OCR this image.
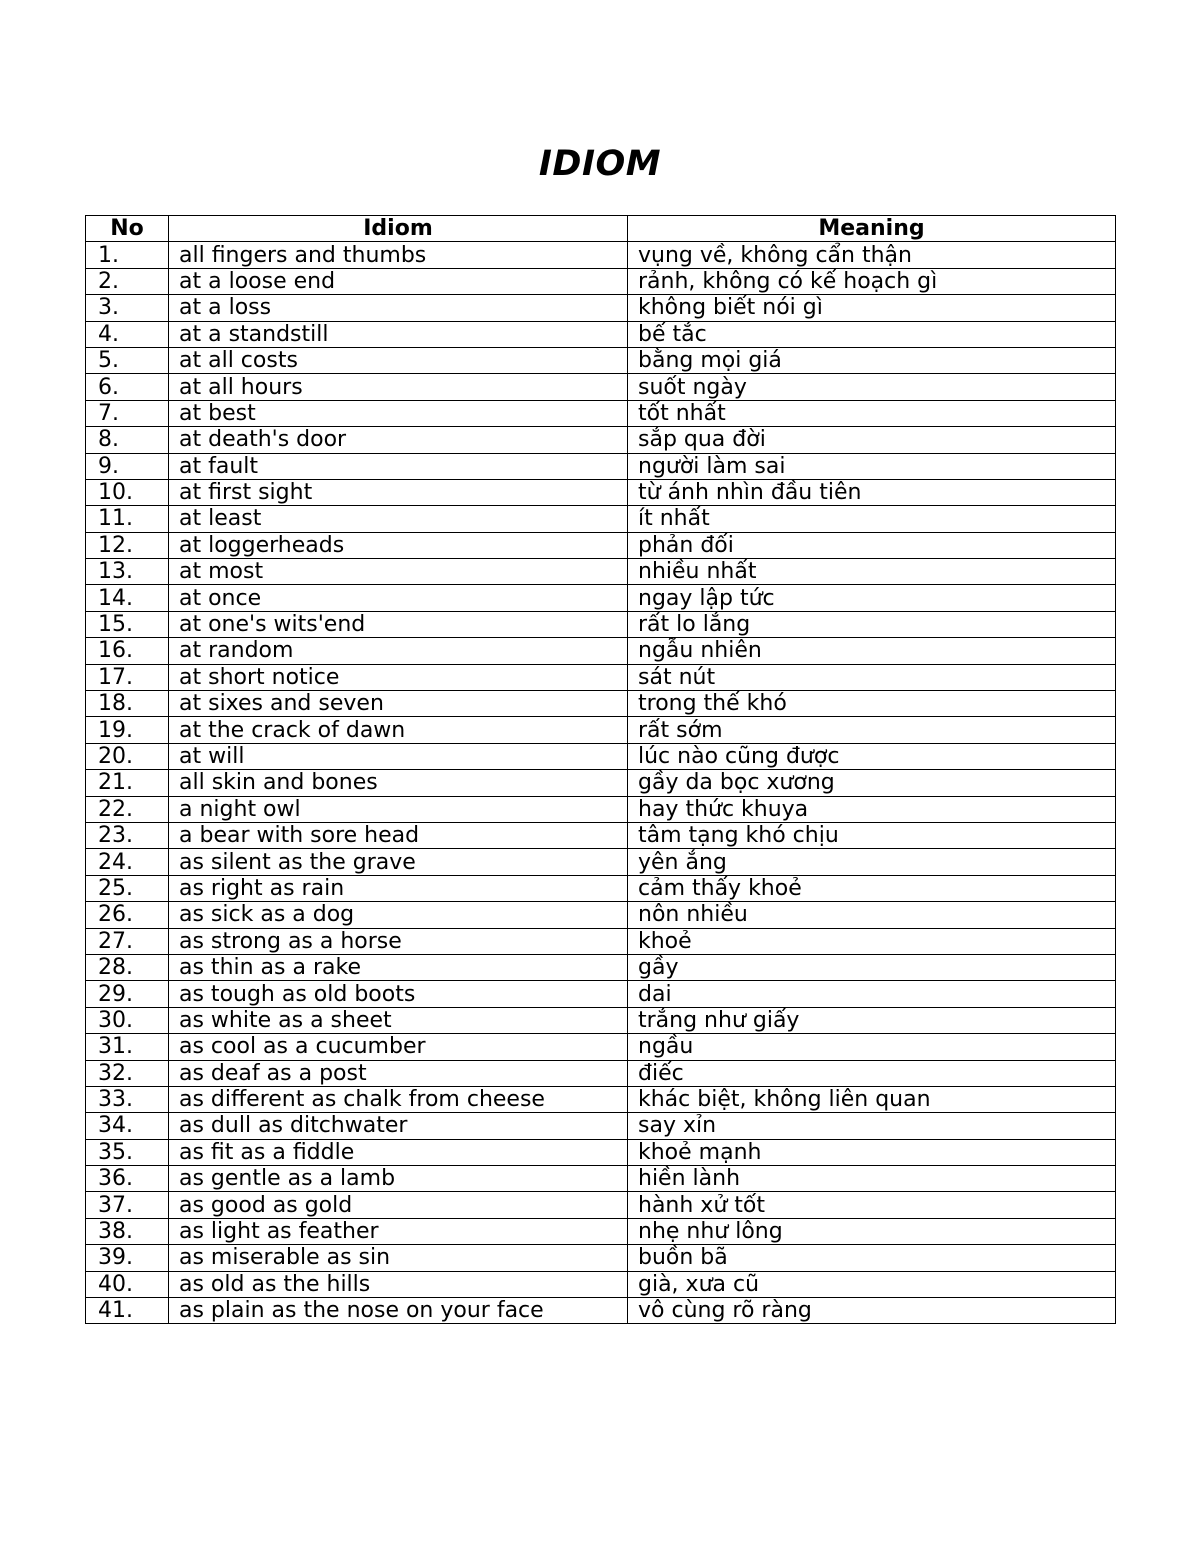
IDIOM
No	Idiom	Meaning
1.	all fingers and thumbs	vụng về, không cẩn thận
2.	at a loose end	rảnh, không có kế hoạch gì
3.	at a loss	không biết nói gì
4.	at a standstill	bế tắc
5.	at all costs	bằng mọi giá
6.	at all hours	suốt ngày
7.	at best	tốt nhất
8.	at death's door	sắp qua đời
9.	at fault	người làm sai
10.	at first sight	từ ánh nhìn đầu tiên
11.	at least	ít nhất
12.	at loggerheads	phản đối
13.	at most	nhiều nhất
14.	at once	ngay lập tức
15.	at one's wits'end	rất lo lắng
16.	at random	ngẫu nhiên
17.	at short notice	sát nút
18.	at sixes and seven	trong thế khó
19.	at the crack of dawn	rất sớm
20.	at will	lúc nào cũng được
21.	all skin and bones	gầy da bọc xương
22.	a night owl	hay thức khuya
23.	a bear with sore head	tâm tạng khó chịu
24.	as silent as the grave	yên ắng
25.	as right as rain	cảm thấy khoẻ
26.	as sick as a dog	nôn nhiều
27.	as strong as a horse	khoẻ
28.	as thin as a rake	gầy
29.	as tough as old boots	dai
30.	as white as a sheet	trắng như giấy
31.	as cool as a cucumber	ngầu
32.	as deaf as a post	điếc
33.	as different as chalk from cheese	khác biệt, không liên quan
34.	as dull as ditchwater	say xỉn
35.	as fit as a fiddle	khoẻ mạnh
36.	as gentle as a lamb	hiền lành
37.	as good as gold	hành xử tốt
38.	as light as feather	nhẹ như lông
39.	as miserable as sin	buồn bã
40.	as old as the hills	già, xưa cũ
41.	as plain as the nose on your face	vô cùng rõ ràng
